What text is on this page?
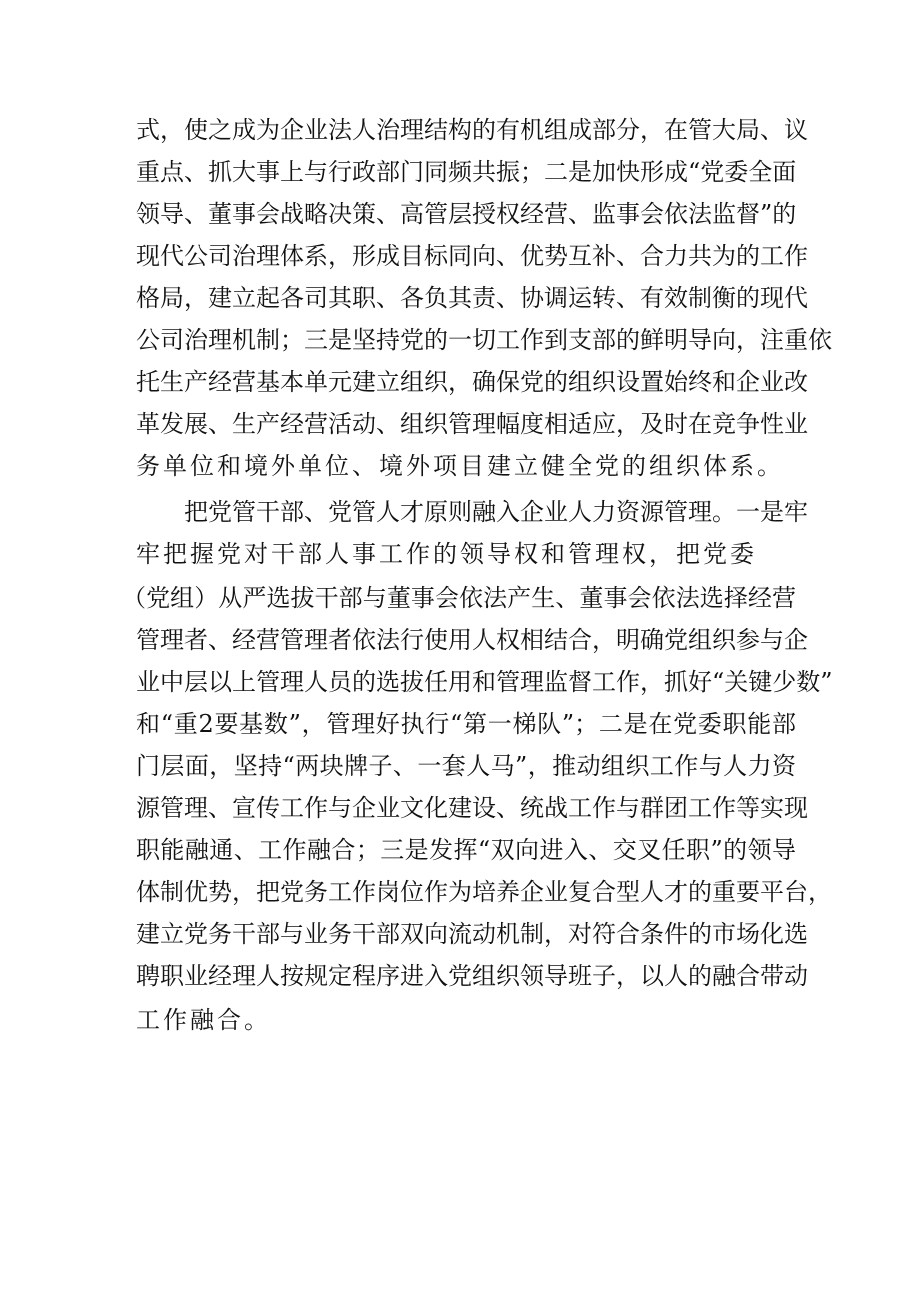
式，使之成为企业法人治理结构的有机组成部分，在管大局、议
重点、抓大事上与行政部门同频共振；二是加快形成“党委全面
领导、董事会战略决策、高管层授权经营、监事会依法监督”的
现代公司治理体系，形成目标同向、优势互补、合力共为的工作
格局，建立起各司其职、各负其责、协调运转、有效制衡的现代
公司治理机制；三是坚持党的一切工作到支部的鲜明导向，注重依
托生产经营基本单元建立组织，确保党的组织设置始终和企业改
革发展、生产经营活动、组织管理幅度相适应，及时在竞争性业
务单位和境外单位、境外项目建立健全党的组织体系。
把党管干部、党管人才原则融入企业人力资源管理。一是牢
牢把握党对干部人事工作的领导权和管理权，把党委
（党组）从严选拔干部与董事会依法产生、董事会依法选择经营
管理者、经营管理者依法行使用人权相结合，明确党组织参与企
业中层以上管理人员的选拔任用和管理监督工作，抓好“关键少数”
和“重2要基数”，管理好执行“第一梯队”；二是在党委职能部
门层面，坚持“两块牌子、一套人马”，推动组织工作与人力资
源管理、宣传工作与企业文化建设、统战工作与群团工作等实现
职能融通、工作融合；三是发挥“双向进入、交叉任职”的领导
体制优势，把党务工作岗位作为培养企业复合型人才的重要平台，
建立党务干部与业务干部双向流动机制，对符合条件的市场化选
聘职业经理人按规定程序进入党组织领导班子，以人的融合带动
工作融合。
